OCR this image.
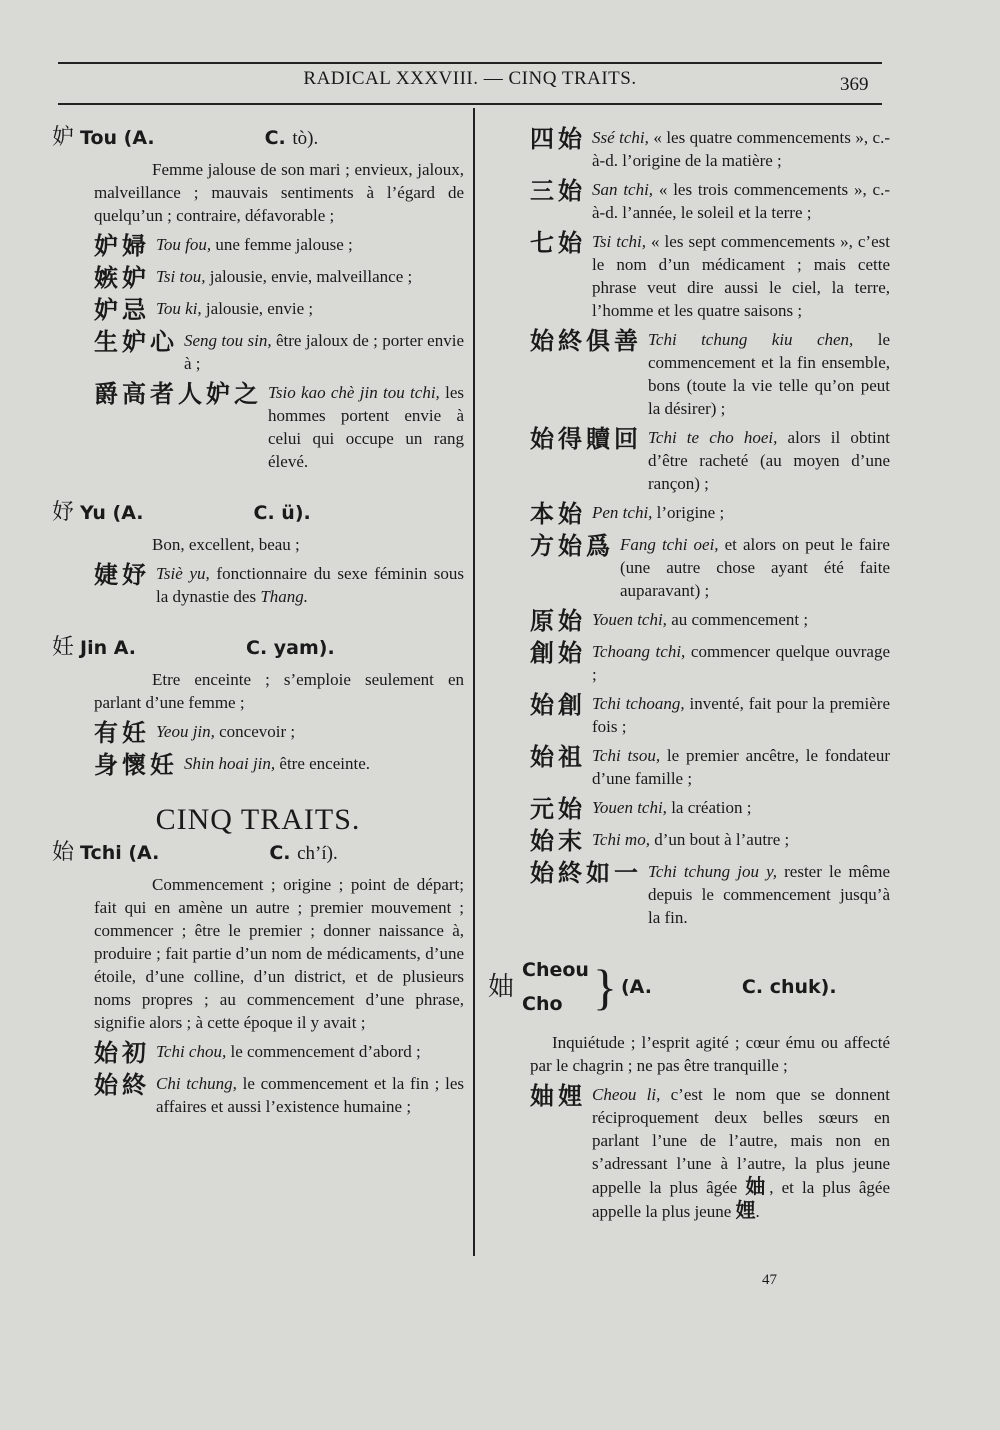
RADICAL XXXVIII. — CINQ TRAITS.	369
妒 Tou (A.	C. tò).
Femme jalouse de son mari ; envieux, jaloux, malveillance ; mauvais sentiments à l’égard de quelqu’un ; contraire, défavorable ;
妒婦 Tou fou, une femme jalouse ;
嫉妒 Tsi tou, jalousie, envie, malveillance ;
妒忌 Tou ki, jalousie, envie ;
生妒心 Seng tou sin, être jaloux de ; porter envie à ;
爵高者人妒之 Tsio kao chè jin tou tchi, les hommes portent envie à celui qui occupe un rang élevé.
妤 Yu (A.	C. ü).
Bon, excellent, beau ;
婕妤 Tsiè yu, fonctionnaire du sexe féminin sous la dynastie des Thang.
妊 Jin A.	C. yam).
Etre enceinte ; s’emploie seulement en parlant d’une femme ;
有妊 Yeou jin, concevoir ;
身懷妊 Shin hoai jin, être enceinte.
CINQ TRAITS.
始 Tchi (A.	C. ch’í).
Commencement ; origine ; point de départ; fait qui en amène un autre ; premier mouvement ; commencer ; être le premier ; donner naissance à, produire ; fait partie d’un nom de médicaments, d’une étoile, d’une colline, d’un district, et de plusieurs noms propres ; au commencement d’une phrase, signifie alors ; à cette époque il y avait ;
始初 Tchi chou, le commencement d’abord ;
始終 Chi tchung, le commencement et la fin ; les affaires et aussi l’existence humaine ;
四始 Ssé tchi, « les quatre commencements », c.-à-d. l’origine de la matière ;
三始 San tchi, « les trois commencements », c.-à-d. l’année, le soleil et la terre ;
七始 Tsi tchi, « les sept commencements », c’est le nom d’un médicament ; mais cette phrase veut dire aussi le ciel, la terre, l’homme et les quatre saisons ;
始終俱善 Tchi tchung kiu chen, le commencement et la fin ensemble, bons (toute la vie telle qu’on peut la désirer) ;
始得贖回 Tchi te cho hoei, alors il obtint d’être racheté (au moyen d’une rançon) ;
本始 Pen tchi, l’origine ;
方始爲 Fang tchi oei, et alors on peut le faire (une autre chose ayant été faite auparavant) ;
原始 Youen tchi, au commencement ;
創始 Tchoang tchi, commencer quelque ouvrage ;
始創 Tchi tchoang, inventé, fait pour la première fois ;
始祖 Tchi tsou, le premier ancêtre, le fondateur d’une famille ;
元始 Youen tchi, la création ;
始末 Tchi mo, d’un bout à l’autre ;
始終如一 Tchi tchung jou y, rester le même depuis le commencement jusqu’à la fin.
妯
Cheou
Cho } (A.	C. chuk).
Inquiétude ; l’esprit agité ; cœur ému ou affecté par le chagrin ; ne pas être tranquille ;
妯娌 Cheou li, c’est le nom que se donnent réciproquement deux belles sœurs en parlant l’une de l’autre, mais non en s’adressant l’une à l’autre, la plus jeune appelle la plus âgée 妯, et la plus âgée appelle la plus jeune 娌.
47
